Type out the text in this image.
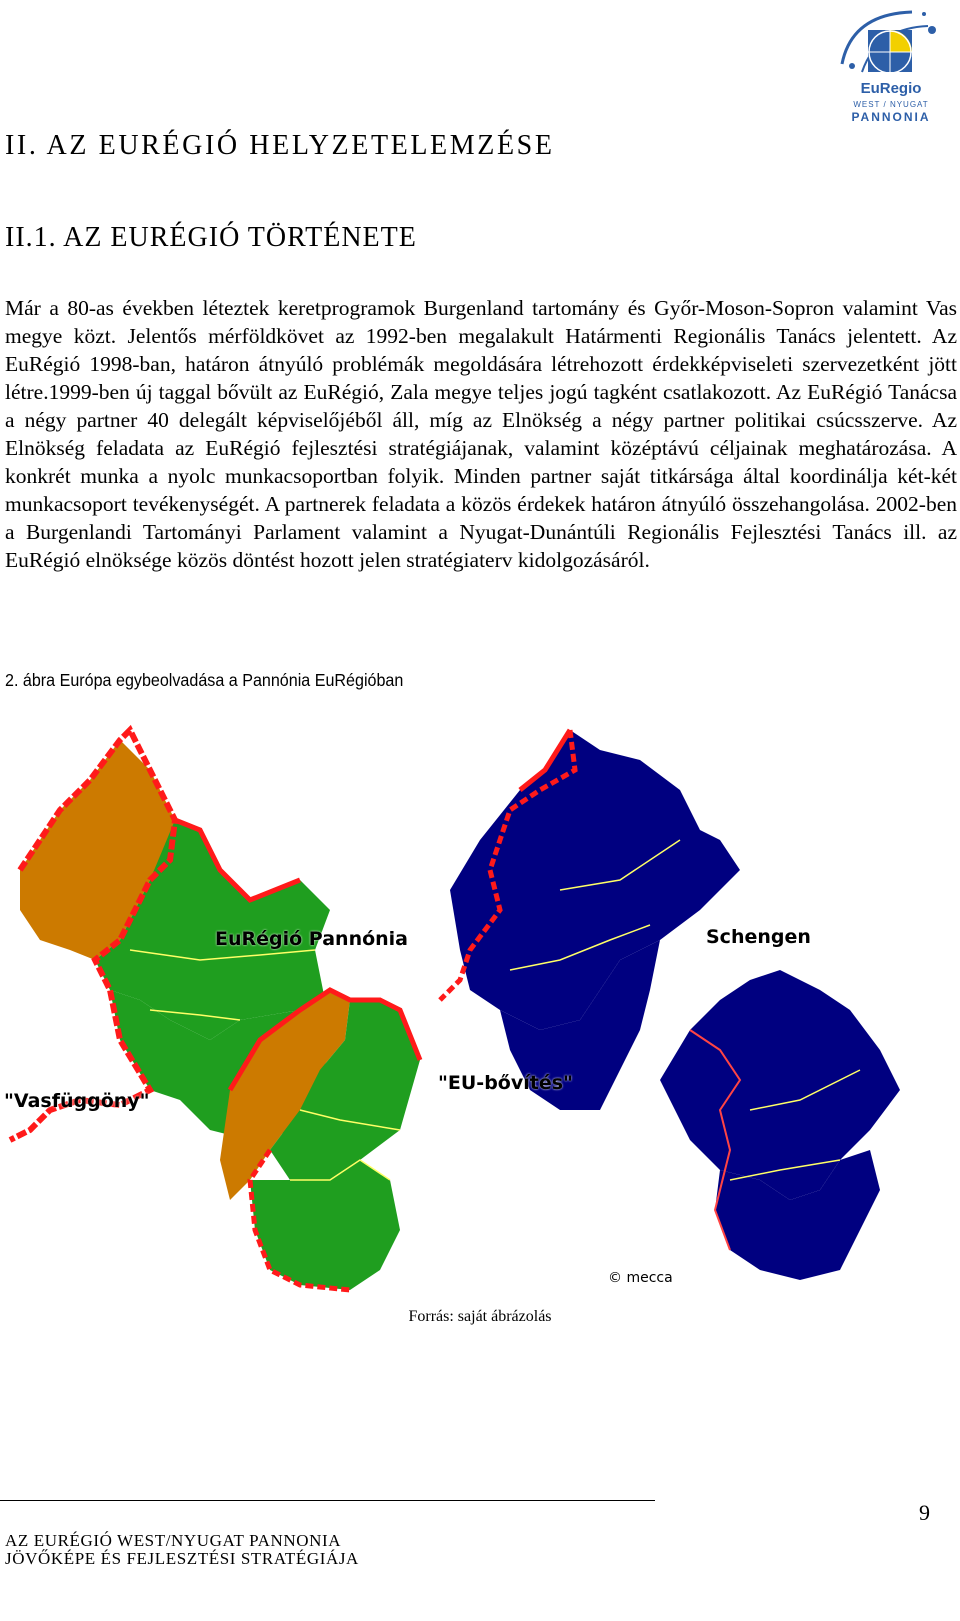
EuRegio
WEST / NYUGAT
PANNONIA
II. AZ EURÉGIÓ HELYZETELEMZÉSE
II.1. AZ EURÉGIÓ TÖRTÉNETE

Már a 80-as években léteztek keretprogramok Burgenland tartomány és Győr-Moson-Sopron valamint Vas megye közt. Jelentős mérföldkövet az 1992-ben megalakult Határmenti Regionális Tanács jelentett. Az EuRégió 1998-ban, határon átnyúló problémák megoldására létrehozott érdekképviseleti szervezetként jött létre.1999-ben új taggal bővült az EuRégió, Zala megye teljes jogú tagként csatlakozott. Az EuRégió Tanácsa a négy partner 40 delegált képviselőjéből áll, míg az Elnökség a négy partner politikai csúcsszerve. Az Elnökség feladata az EuRégió fejlesztési stratégiájanak, valamint középtávú céljainak meghatározása. A konkrét munka a nyolc munkacsoportban folyik. Minden partner saját titkársága által koordinálja két-két munkacsoport tevékenységét. A partnerek feladata a közös érdekek határon átnyúló összehangolása. 2002-ben a Burgenlandi Tartományi Parlament valamint a Nyugat-Dunántúli Regionális Fejlesztési Tanács ill. az EuRégió elnöksége közös döntést hozott jelen stratégiaterv kidolgozásáról.

2. ábra Európa egybeolvadása a Pannónia EuRégióban
EuRégió Pannónia	Schengen
"Vasfüggöny"
"EU-bővítés"
© mecca
Forrás: saját ábrázolás
9
AZ EURÉGIÓ WEST/NYUGAT PANNONIA
JÖVŐKÉPE ÉS FEJLESZTÉSI STRATÉGIÁJA
